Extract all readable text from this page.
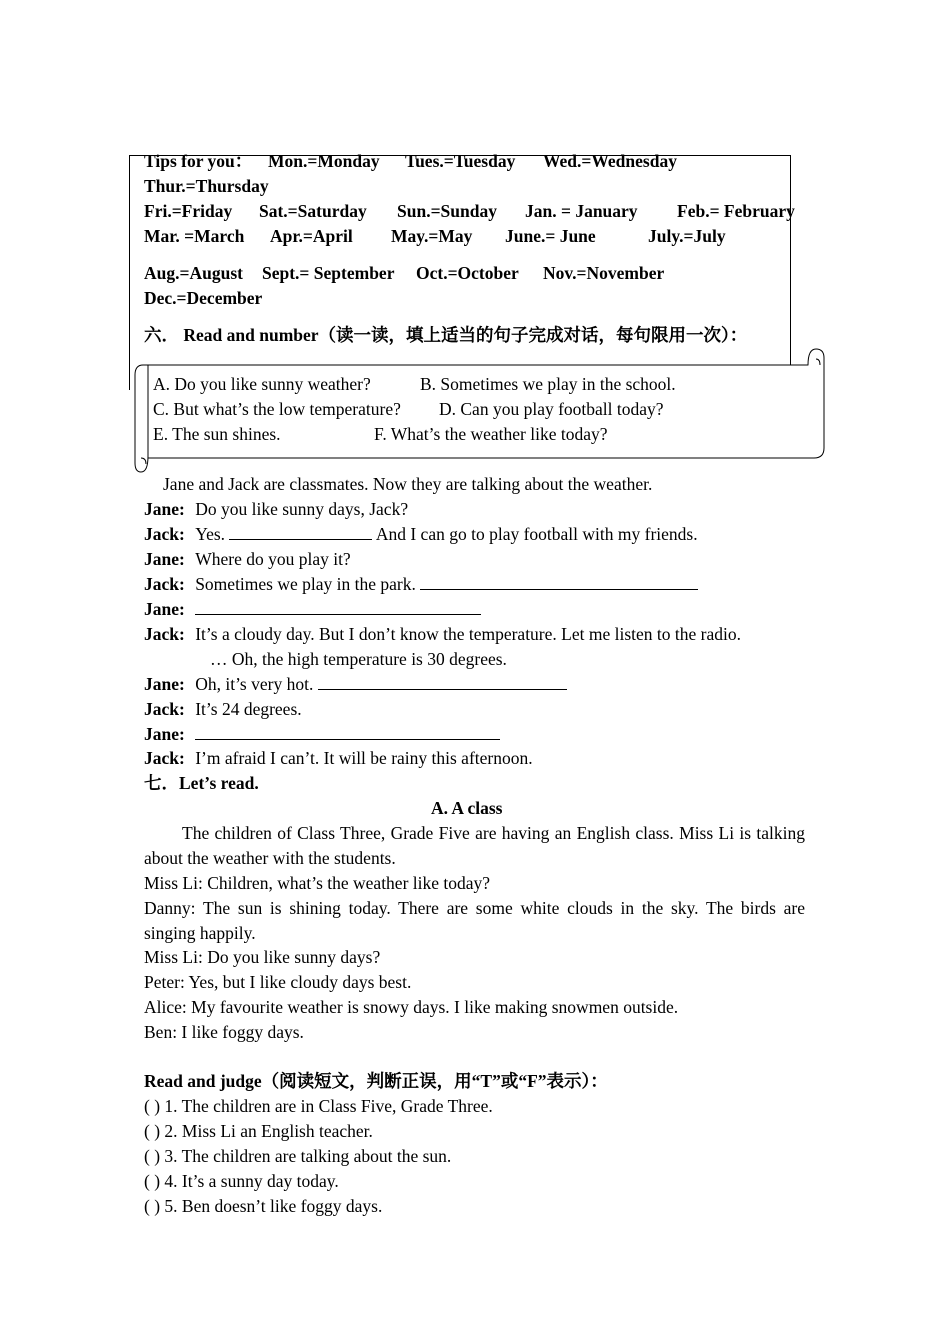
Tips for you： Mon.=Monday Tues.=Tuesday Wed.=Wednesday
Thur.=Thursday
Fri.=Friday Sat.=Saturday Sun.=Sunday Jan. = January Feb.= February
Mar. =March Apr.=April May.=May June.= June	July.=July
Aug.=August Sept.= September Oct.=October Nov.=November
Dec.=December
六． Read and number（读一读，填上适当的句子完成对话，每句限用一次）：
A. Do you like sunny weather?	B. Sometimes we play in the school.
C. But what’s the low temperature? D. Can you play football today?
E. The sun shines.	F. What’s the weather like today?
Jane and Jack are classmates. Now they are talking about the weather.
Jane: Do you like sunny days, Jack?
Jack: Yes.	And I can go to play football with my friends.
Jane: Where do you play it?
Jack: Sometimes we play in the park.
Jane:
Jack: It’s a cloudy day. But I don’t know the temperature. Let me listen to the radio.
… Oh, the high temperature is 30 degrees.
Jane: Oh, it’s very hot.
Jack: It’s 24 degrees.
Jane:
Jack: I’m afraid I can’t. It will be rainy this afternoon.
七．Let’s read.
A. A class
The children of Class Three, Grade Five are having an English class. Miss Li is talking about the weather with the students.
Miss Li: Children, what’s the weather like today?
Danny: The sun is shining today. There are some white clouds in the sky. The birds are singing happily.
Miss Li: Do you like sunny days?
Peter: Yes, but I like cloudy days best.
Alice: My favourite weather is snowy days. I like making snowmen outside.
Ben: I like foggy days.
Read and judge（阅读短文，判断正误，用“T”或“F”表示）：
( ) 1. The children are in Class Five, Grade Three.
( ) 2. Miss Li an English teacher.
( ) 3. The children are talking about the sun.
( ) 4. It’s a sunny day today.
( ) 5. Ben doesn’t like foggy days.
